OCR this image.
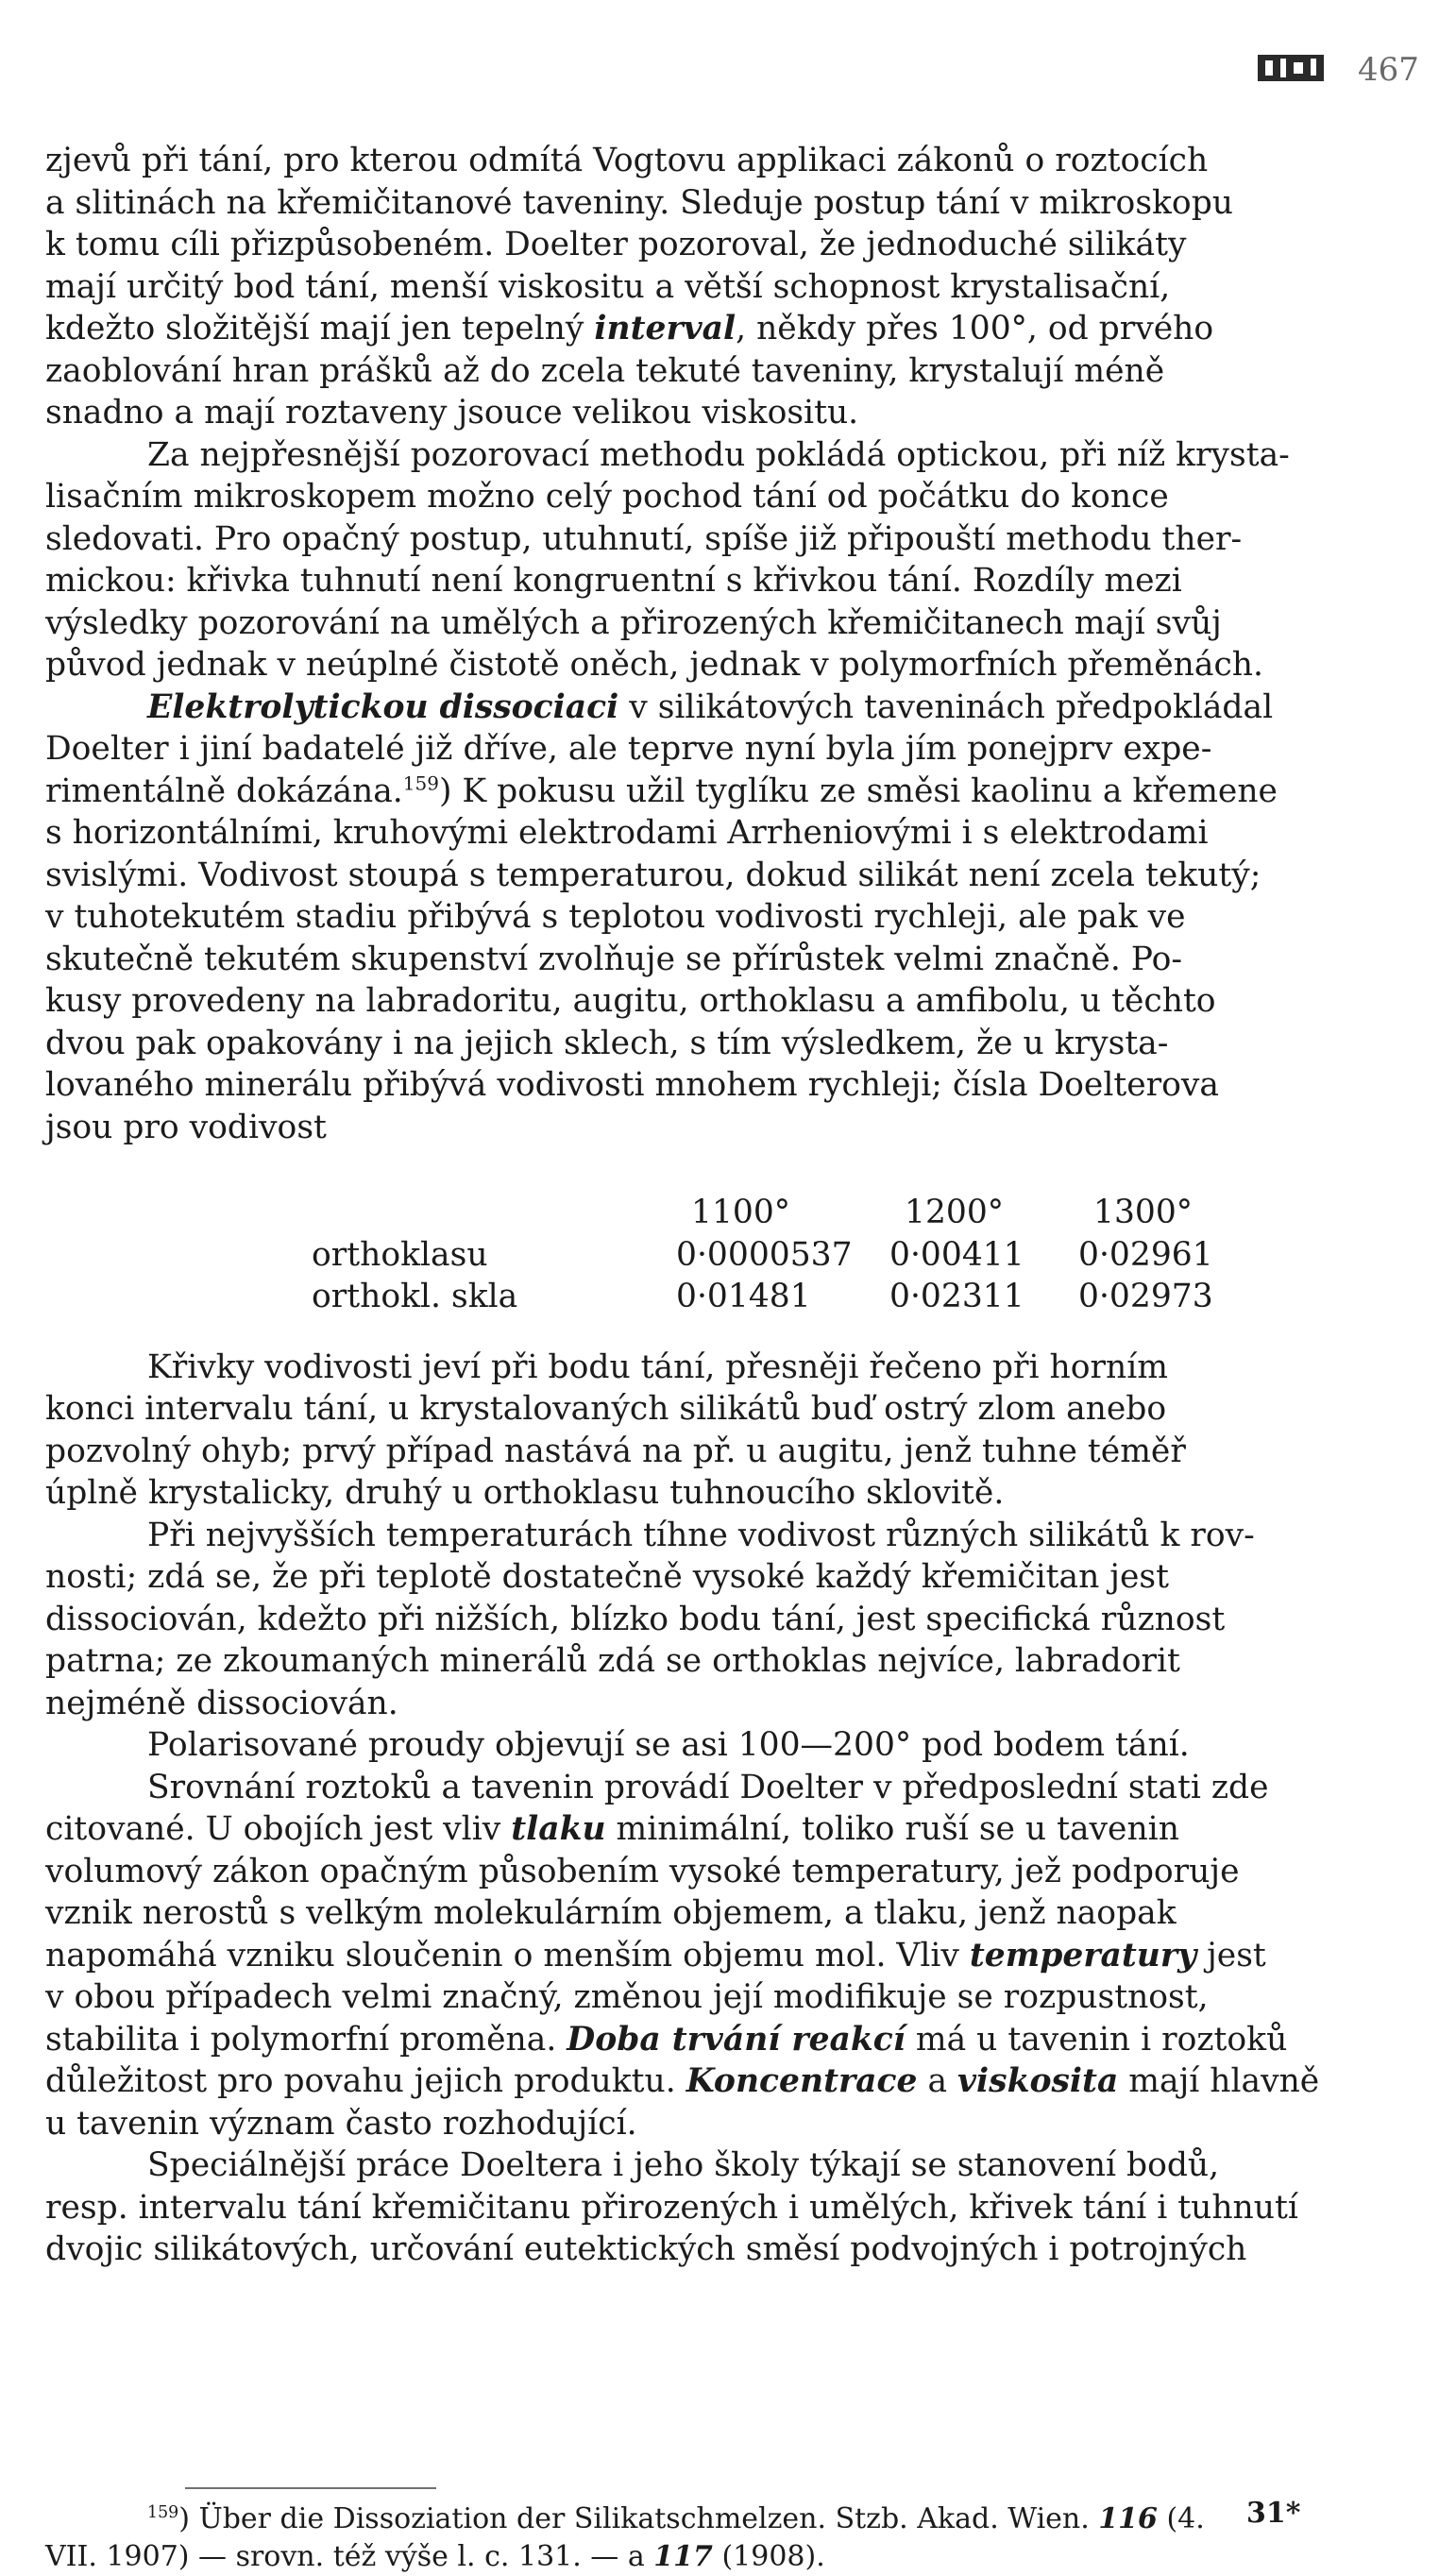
467
zjevů při tání, pro kterou odmítá Vogtovu applikaci zákonů o roztocích
a slitinách na křemičitanové taveniny. Sleduje postup tání v mikroskopu
k tomu cíli přizpůsobeném. Doelter pozoroval, že jednoduché silikáty
mají určitý bod tání, menší viskositu a větší schopnost krystalisační,
kdežto složitější mají jen tepelný interval, někdy přes 100°, od prvého
zaoblování hran prášků až do zcela tekuté taveniny, krystalují méně
snadno a mají roztaveny jsouce velikou viskositu.
Za nejpřesnější pozorovací methodu pokládá optickou, při níž krysta-
lisačním mikroskopem možno celý pochod tání od počátku do konce
sledovati. Pro opačný postup, utuhnutí, spíše již připouští methodu ther-
mickou: křivka tuhnutí není kongruentní s křivkou tání. Rozdíly mezi
výsledky pozorování na umělých a přirozených křemičitanech mají svůj
původ jednak v neúplné čistotě oněch, jednak v polymorfních přeměnách.
Elektrolytickou dissociaci v silikátových taveninách předpokládal
Doelter i jiní badatelé již dříve, ale teprve nyní byla jím ponejprv expe-
rimentálně dokázána.$^{159}$) K pokusu užil tyglíku ze směsi kaolinu a křemene
s horizontálními, kruhovými elektrodami Arrheniovými i s elektrodami
svislými. Vodivost stoupá s temperaturou, dokud silikát není zcela tekutý;
v tuhotekutém stadiu přibývá s teplotou vodivosti rychleji, ale pak ve
skutečně tekutém skupenství zvolňuje se přírůstek velmi značně. Po-
kusy provedeny na labradoritu, augitu, orthoklasu a amfibolu, u těchto
dvou pak opakovány i na jejich sklech, s tím výsledkem, že u krysta-
lovaného minerálu přibývá vodivosti mnohem rychleji; čísla Doelterova
jsou pro vodivost
	1100°	1200°	1300°
orthoklasu	0·0000537	0·00411	0·02961
orthokl. skla	0·01481	0·02311	0·02973
Křivky vodivosti jeví při bodu tání, přesněji řečeno při horním
konci intervalu tání, u krystalovaných silikátů buď ostrý zlom anebo
pozvolný ohyb; prvý případ nastává na př. u augitu, jenž tuhne téměř
úplně krystalicky, druhý u orthoklasu tuhnoucího sklovitě.
Při nejvyšších temperaturách tíhne vodivost různých silikátů k rov-
nosti; zdá se, že při teplotě dostatečně vysoké každý křemičitan jest
dissociován, kdežto při nižších, blízko bodu tání, jest specifická různost
patrna; ze zkoumaných minerálů zdá se orthoklas nejvíce, labradorit
nejméně dissociován.
Polarisované proudy objevují se asi 100—200° pod bodem tání.
Srovnání roztoků a tavenin provádí Doelter v předposlední stati zde
citované. U obojích jest vliv tlaku minimální, toliko ruší se u tavenin
volumový zákon opačným působením vysoké temperatury, jež podporuje
vznik nerostů s velkým molekulárním objemem, a tlaku, jenž naopak
napomáhá vzniku sloučenin o menším objemu mol. Vliv temperatury jest
v obou případech velmi značný, změnou její modifikuje se rozpustnost,
stabilita i polymorfní proměna. Doba trvání reakcí má u tavenin i roztoků
důležitost pro povahu jejich produktu. Koncentrace a viskosita mají hlavně
u tavenin význam často rozhodující.
Speciálnější práce Doeltera i jeho školy týkají se stanovení bodů,
resp. intervalu tání křemičitanu přirozených i umělých, křivek tání i tuhnutí
dvojic silikátových, určování eutektických směsí podvojných i potrojných
$^{159}$) Über die Dissoziation der Silikatschmelzen. Stzb. Akad. Wien. 116 (4.
VII. 1907) — srovn. též výše l. c. 131. — a 117 (1908).
31*
